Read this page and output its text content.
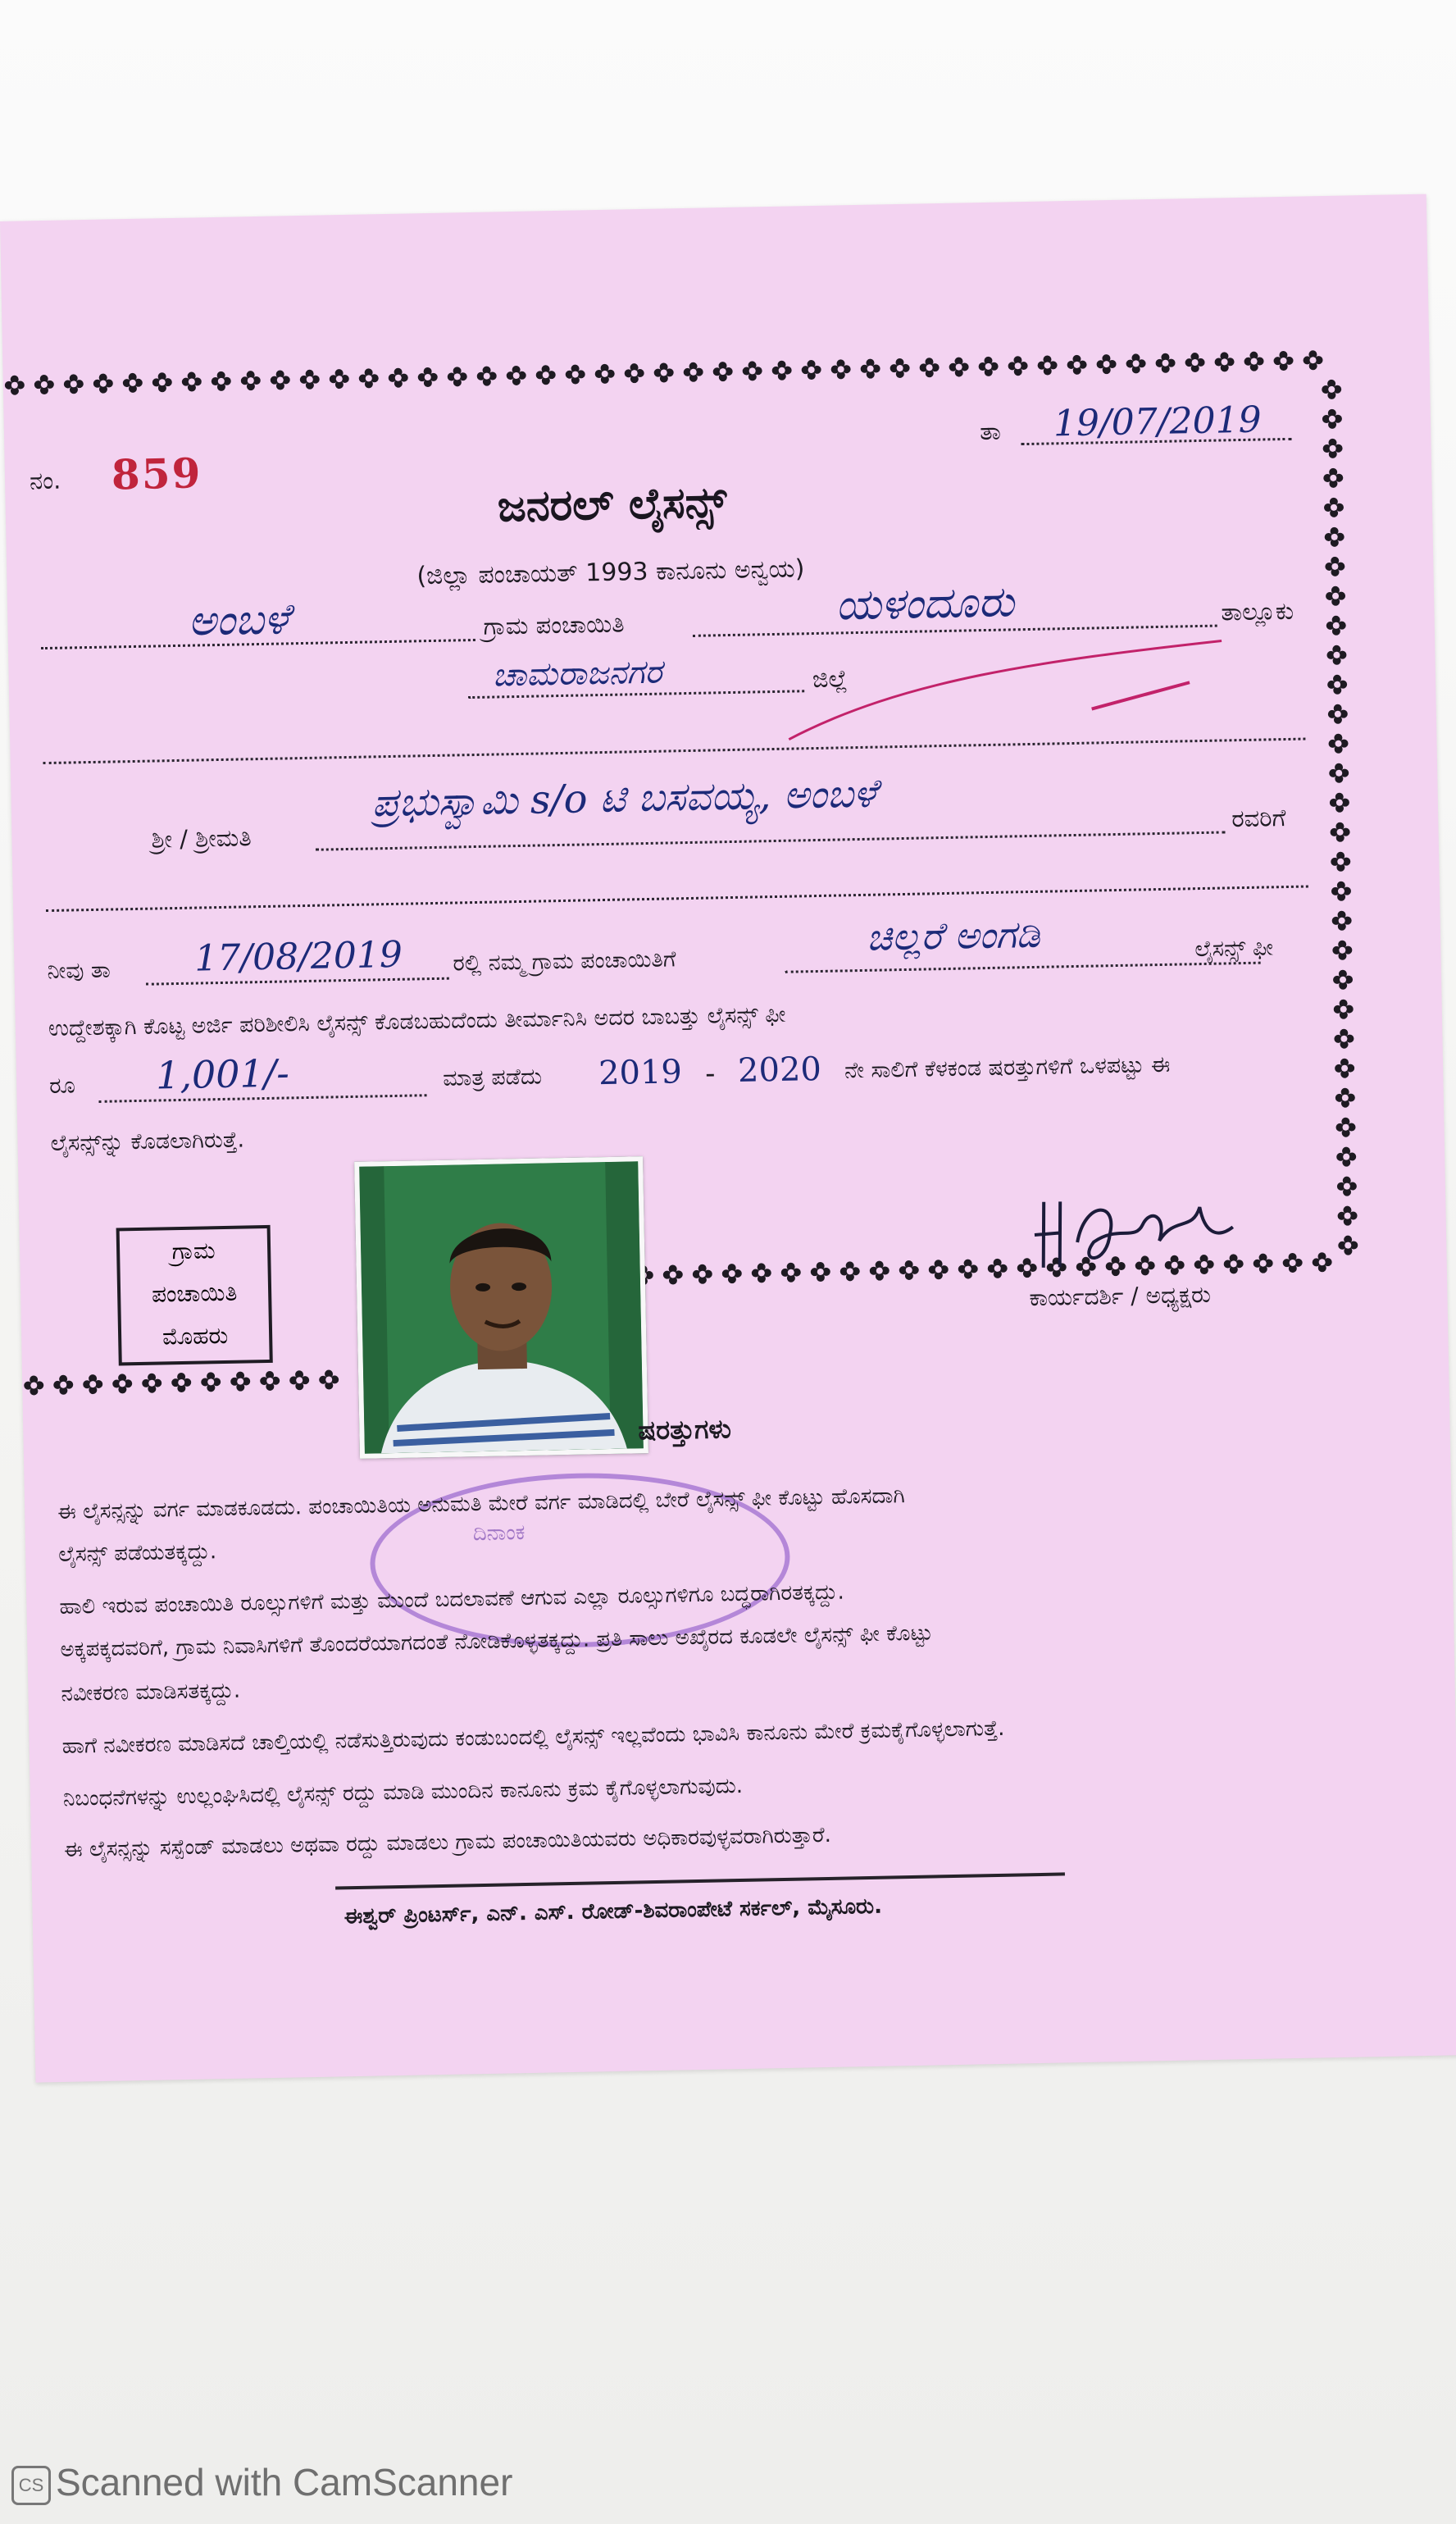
ನಂ. 859
ತಾ 19/07/2019
ಜನರಲ್ ಲೈಸನ್ಸ್
(ಜಿಲ್ಲಾ ಪಂಚಾಯತ್ 1993 ಕಾನೂನು ಅನ್ವಯ)
ಅಂಬಳೆ	ಗ್ರಾಮ ಪಂಚಾಯಿತಿ	ಯಳಂದೂರು	ತಾಲ್ಲೂಕು
ಚಾಮರಾಜನಗರ	ಜಿಲ್ಲೆ
ಶ್ರೀ / ಶ್ರೀಮತಿ
ಪ್ರಭುಸ್ವಾಮಿ s/o ಟಿ ಬಸವಯ್ಯ, ಅಂಬಳೆ	ರವರಿಗೆ
ನೀವು ತಾ 17/08/2019 ರಲ್ಲಿ ನಮ್ಮ ಗ್ರಾಮ ಪಂಚಾಯಿತಿಗೆ
ಚಿಲ್ಲರೆ ಅಂಗಡಿ	ಲೈಸನ್ಸ್ ಫೀ
ಉದ್ದೇಶಕ್ಕಾಗಿ ಕೊಟ್ಟ ಅರ್ಜಿ ಪರಿಶೀಲಿಸಿ ಲೈಸನ್ಸ್ ಕೊಡಬಹುದೆಂದು ತೀರ್ಮಾನಿಸಿ ಅದರ ಬಾಬತ್ತು ಲೈಸನ್ಸ್ ಫೀ
ರೂ 1,001/-	ಮಾತ್ರ ಪಡೆದು 2019 - 2020 ನೇ ಸಾಲಿಗೆ ಕೆಳಕಂಡ ಷರತ್ತುಗಳಿಗೆ ಒಳಪಟ್ಟು ಈ
ಲೈಸನ್ಸ್‌ನ್ನು ಕೊಡಲಾಗಿರುತ್ತೆ.
ಗ್ರಾಮ
ಪಂಚಾಯಿತಿ
ಮೊಹರು
ಕಾರ್ಯದರ್ಶಿ / ಅಧ್ಯಕ್ಷರು
ಷರತ್ತುಗಳು
ದಿನಾಂಕ
ಈ ಲೈಸನ್ಸನ್ನು ವರ್ಗ ಮಾಡಕೂಡದು. ಪಂಚಾಯಿತಿಯ ಅನುಮತಿ ಮೇರೆ ವರ್ಗ ಮಾಡಿದಲ್ಲಿ ಬೇರೆ ಲೈಸನ್ಸ್ ಫೀ ಕೊಟ್ಟು ಹೊಸದಾಗಿ
ಲೈಸನ್ಸ್ ಪಡೆಯತಕ್ಕದ್ದು.
ಹಾಲಿ ಇರುವ ಪಂಚಾಯಿತಿ ರೂಲ್ಸುಗಳಿಗೆ ಮತ್ತು ಮುಂದೆ ಬದಲಾವಣೆ ಆಗುವ ಎಲ್ಲಾ ರೂಲ್ಸುಗಳಿಗೂ ಬದ್ಧರಾಗಿರತಕ್ಕದ್ದು.
ಅಕ್ಕಪಕ್ಕದವರಿಗೆ, ಗ್ರಾಮ ನಿವಾಸಿಗಳಿಗೆ ತೊಂದರೆಯಾಗದಂತೆ ನೋಡಿಕೊಳ್ಳತಕ್ಕದ್ದು. ಪ್ರತಿ ಸಾಲು ಅಖೈರದ ಕೂಡಲೇ ಲೈಸನ್ಸ್ ಫೀ ಕೊಟ್ಟು
ನವೀಕರಣ ಮಾಡಿಸತಕ್ಕದ್ದು.
ಹಾಗೆ ನವೀಕರಣ ಮಾಡಿಸದೆ ಚಾಲ್ತಿಯಲ್ಲಿ ನಡೆಸುತ್ತಿರುವುದು ಕಂಡುಬಂದಲ್ಲಿ ಲೈಸನ್ಸ್ ಇಲ್ಲವೆಂದು ಭಾವಿಸಿ ಕಾನೂನು ಮೇರೆ ಕ್ರಮಕೈಗೊಳ್ಳಲಾಗುತ್ತೆ.
ನಿಬಂಧನೆಗಳನ್ನು ಉಲ್ಲಂಘಿಸಿದಲ್ಲಿ ಲೈಸನ್ಸ್ ರದ್ದು ಮಾಡಿ ಮುಂದಿನ ಕಾನೂನು ಕ್ರಮ ಕೈಗೊಳ್ಳಲಾಗುವುದು.
ಈ ಲೈಸನ್ಸನ್ನು ಸಸ್ಪೆಂಡ್ ಮಾಡಲು ಅಥವಾ ರದ್ದು ಮಾಡಲು ಗ್ರಾಮ ಪಂಚಾಯಿತಿಯವರು ಅಧಿಕಾರವುಳ್ಳವರಾಗಿರುತ್ತಾರೆ.
ಈಶ್ವರ್ ಪ್ರಿಂಟರ್ಸ್, ಎನ್. ಎಸ್. ರೋಡ್-ಶಿವರಾಂಪೇಟೆ ಸರ್ಕಲ್, ಮೈಸೂರು.
CS Scanned with CamScanner
